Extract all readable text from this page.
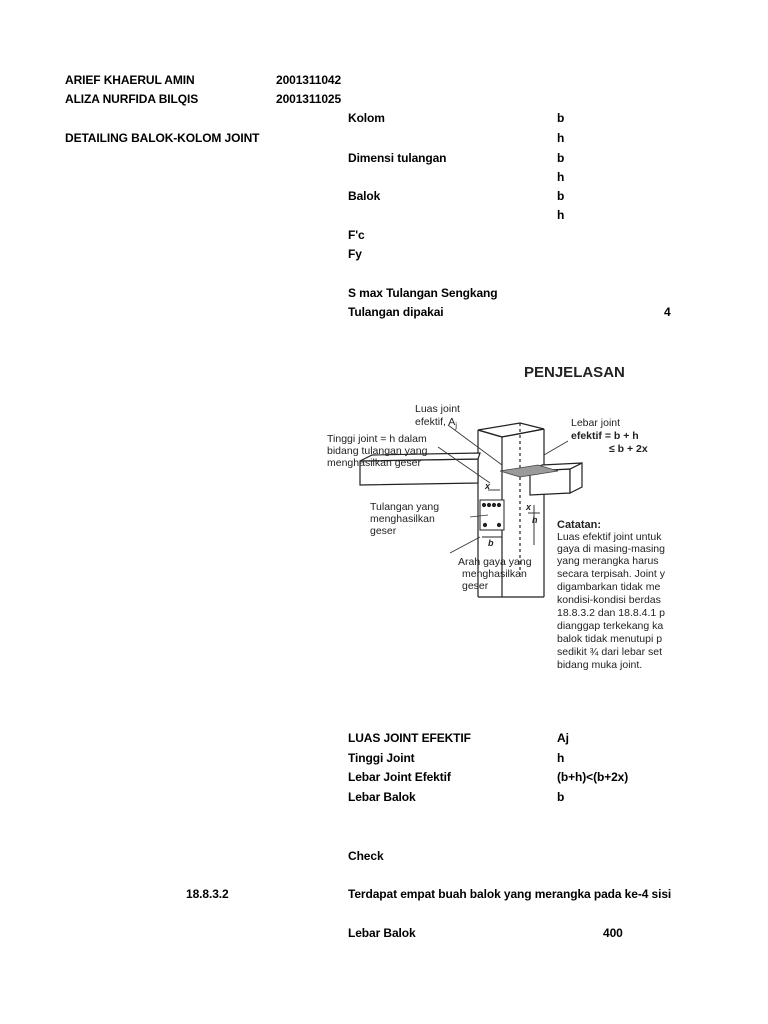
ARIEF KHAERUL AMIN	2001311042
ALIZA NURFIDA BILQIS	2001311025
DETAILING BALOK-KOLOM JOINT
Kolom	b
h
Dimensi tulangan	b
h
Balok	b
h
F'c
Fy
S max Tulangan Sengkang
Tulangan dipakai	4
PENJELASAN
x
x
b
h
Luas joint
efektif, $A_j$
Tinggi joint = h dalam
bidang tulangan yang
menghasilkan geser
Lebar joint
efektif = b + h
≤ b + 2x
Tulangan yang
menghasilkan
geser
Arah gaya yang
menghasilkan
geser
Catatan:
Luas efektif joint untuk
gaya di masing-masing
yang merangka harus
secara terpisah. Joint y
digambarkan tidak me
kondisi-kondisi berdas
18.8.3.2 dan 18.8.4.1 p
dianggap terkekang ka
balok tidak menutupi p
sedikit ¾ dari lebar set
bidang muka joint.
LUAS JOINT EFEKTIF	Aj
Tinggi Joint	h
Lebar Joint Efektif	(b+h)<(b+2x)
Lebar Balok	b
Check
18.8.3.2	Terdapat empat buah balok yang merangka pada ke-4 sisi
Lebar Balok	400
